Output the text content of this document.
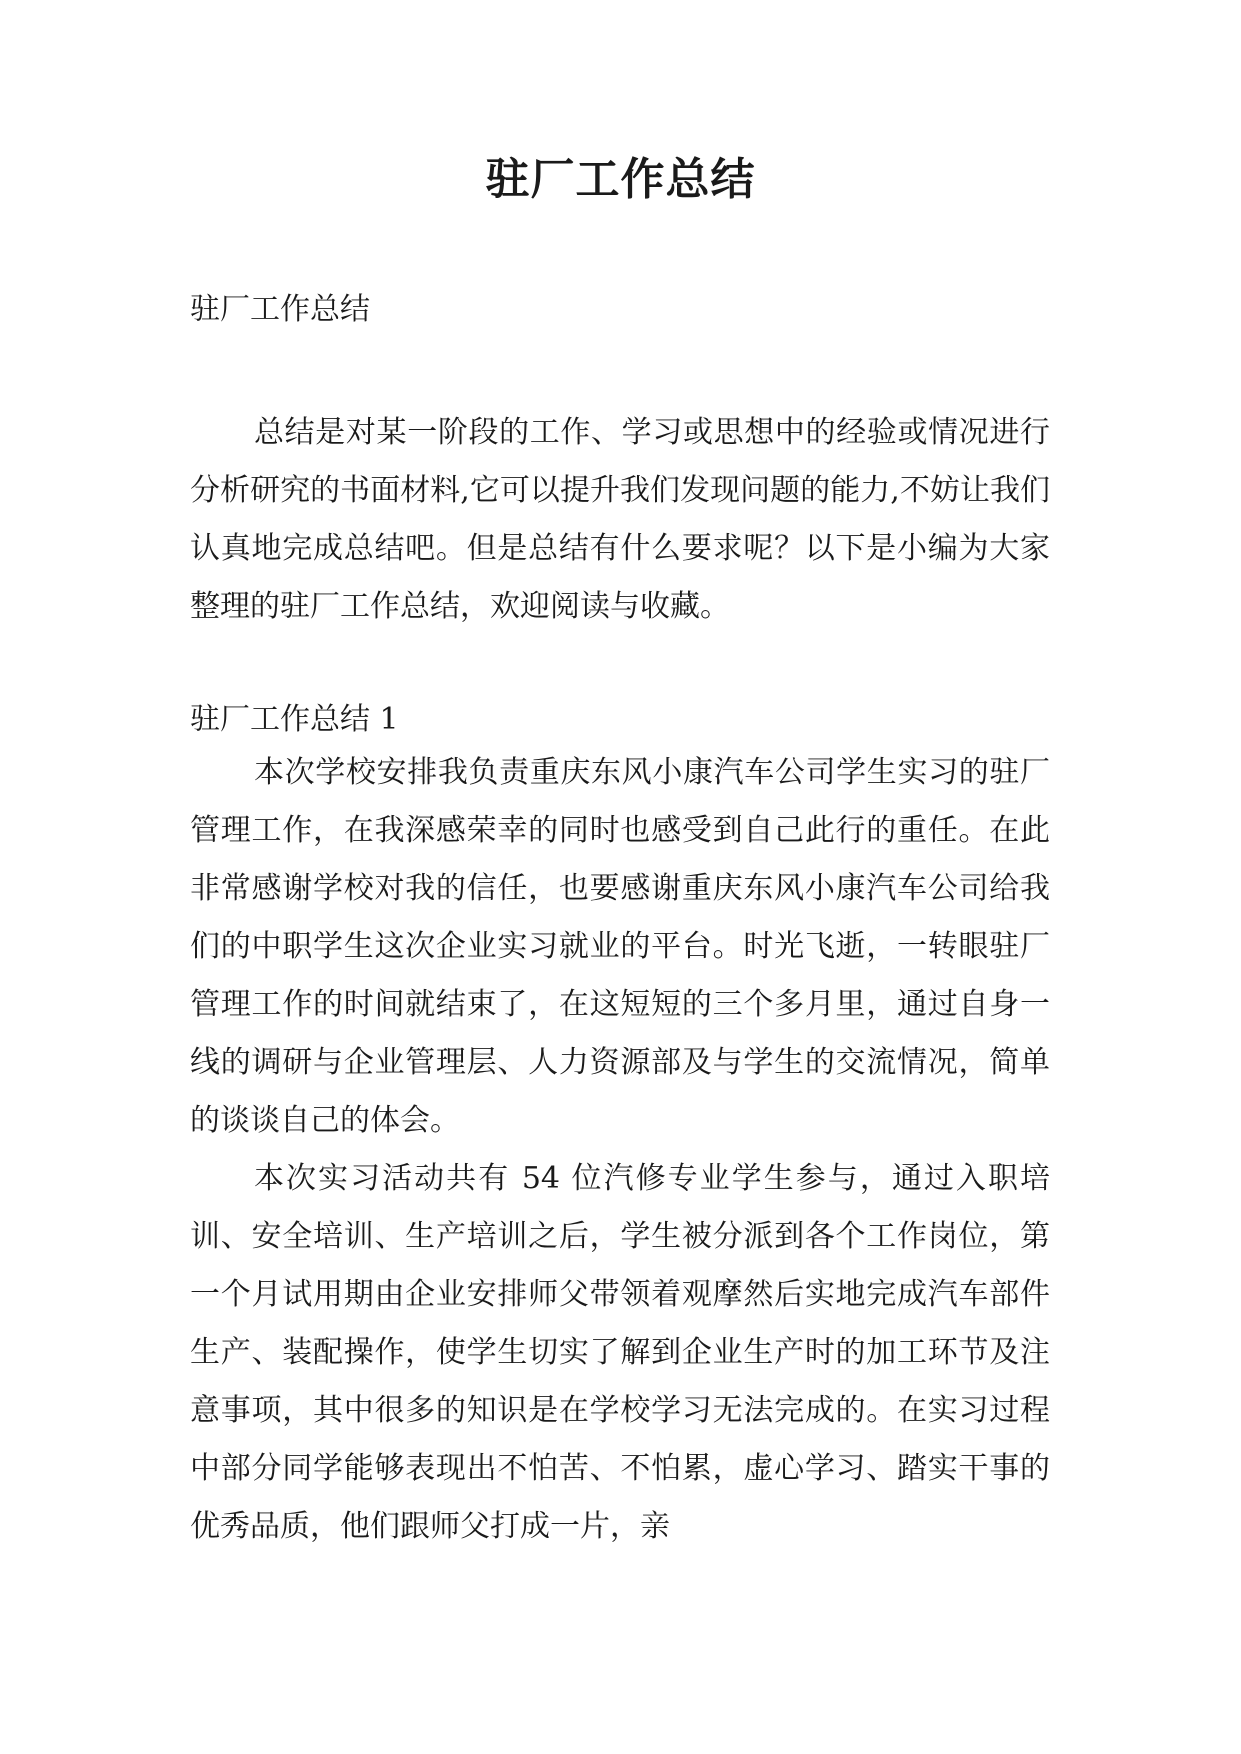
驻厂工作总结
驻厂工作总结

总结是对某一阶段的工作、学习或思想中的经验或情况进行分析研究的书面材料,它可以提升我们发现问题的能力,不妨让我们认真地完成总结吧。但是总结有什么要求呢？以下是小编为大家整理的驻厂工作总结，欢迎阅读与收藏。

驻厂工作总结 1

本次学校安排我负责重庆东风小康汽车公司学生实习的驻厂管理工作，在我深感荣幸的同时也感受到自己此行的重任。在此非常感谢学校对我的信任，也要感谢重庆东风小康汽车公司给我们的中职学生这次企业实习就业的平台。时光飞逝，一转眼驻厂管理工作的时间就结束了，在这短短的三个多月里，通过自身一线的调研与企业管理层、人力资源部及与学生的交流情况，简单的谈谈自己的体会。

本次实习活动共有 54 位汽修专业学生参与，通过入职培训、安全培训、生产培训之后，学生被分派到各个工作岗位，第一个月试用期由企业安排师父带领着观摩然后实地完成汽车部件生产、装配操作，使学生切实了解到企业生产时的加工环节及注意事项，其中很多的知识是在学校学习无法完成的。在实习过程中部分同学能够表现出不怕苦、不怕累，虚心学习、踏实干事的优秀品质，他们跟师父打成一片，亲
